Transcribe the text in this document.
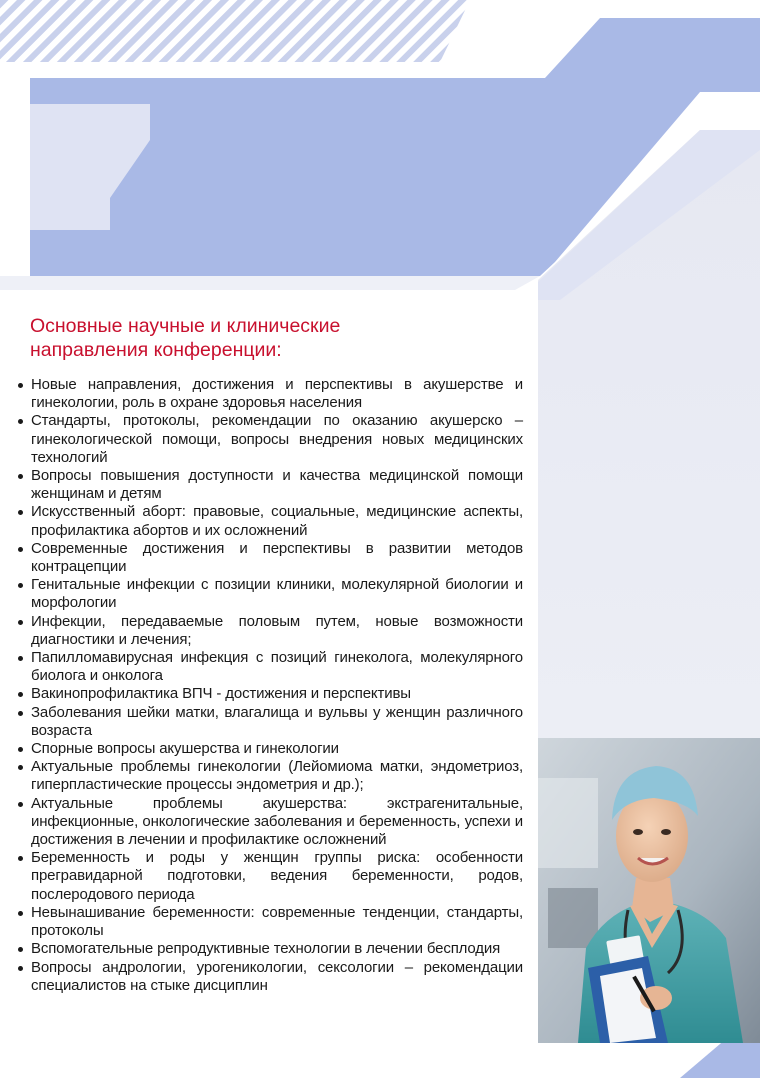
Основные научные и клинические
направления конференции:
Новые направления, достижения и перспективы в акушерстве и гинекологии, роль в охране здоровья населения
Стандарты, протоколы, рекомендации по оказанию акушерско – гинекологической помощи, вопросы внедрения новых медицинских технологий
Вопросы повышения доступности и качества медицинской помощи женщинам и детям
Искусственный аборт: правовые, социальные, медицинские аспекты, профилактика абортов и их осложнений
Современные достижения и перспективы в развитии методов контрацепции
Генитальные инфекции с позиции клиники, молекулярной биологии и морфологии
Инфекции, передаваемые половым путем, новые возможности диагностики и лечения;
Папилломавирусная инфекция с позиций гинеколога, молекулярного биолога и онколога
Вакинопрофилактика ВПЧ - достижения и перспективы
Заболевания шейки матки, влагалища и вульвы у женщин различного возраста
Спорные вопросы акушерства и гинекологии
Актуальные проблемы гинекологии (Лейомиома матки, эндометриоз, гиперпластические процессы эндометрия и др.);
Актуальные проблемы акушерства: экстрагенитальные, инфекционные, онкологические заболевания и беременность, успехи и достижения в лечении и профилактике осложнений
Беременность и роды у женщин группы риска: особенности прегравидарной подготовки, ведения беременности, родов, послеродового периода
Невынашивание беременности: современные тенденции, стандарты, протоколы
Вспомогательные репродуктивные технологии в лечении бесплодия
Вопросы андрологии, урогеникологии, сексологии – рекомендации специалистов на стыке дисциплин
